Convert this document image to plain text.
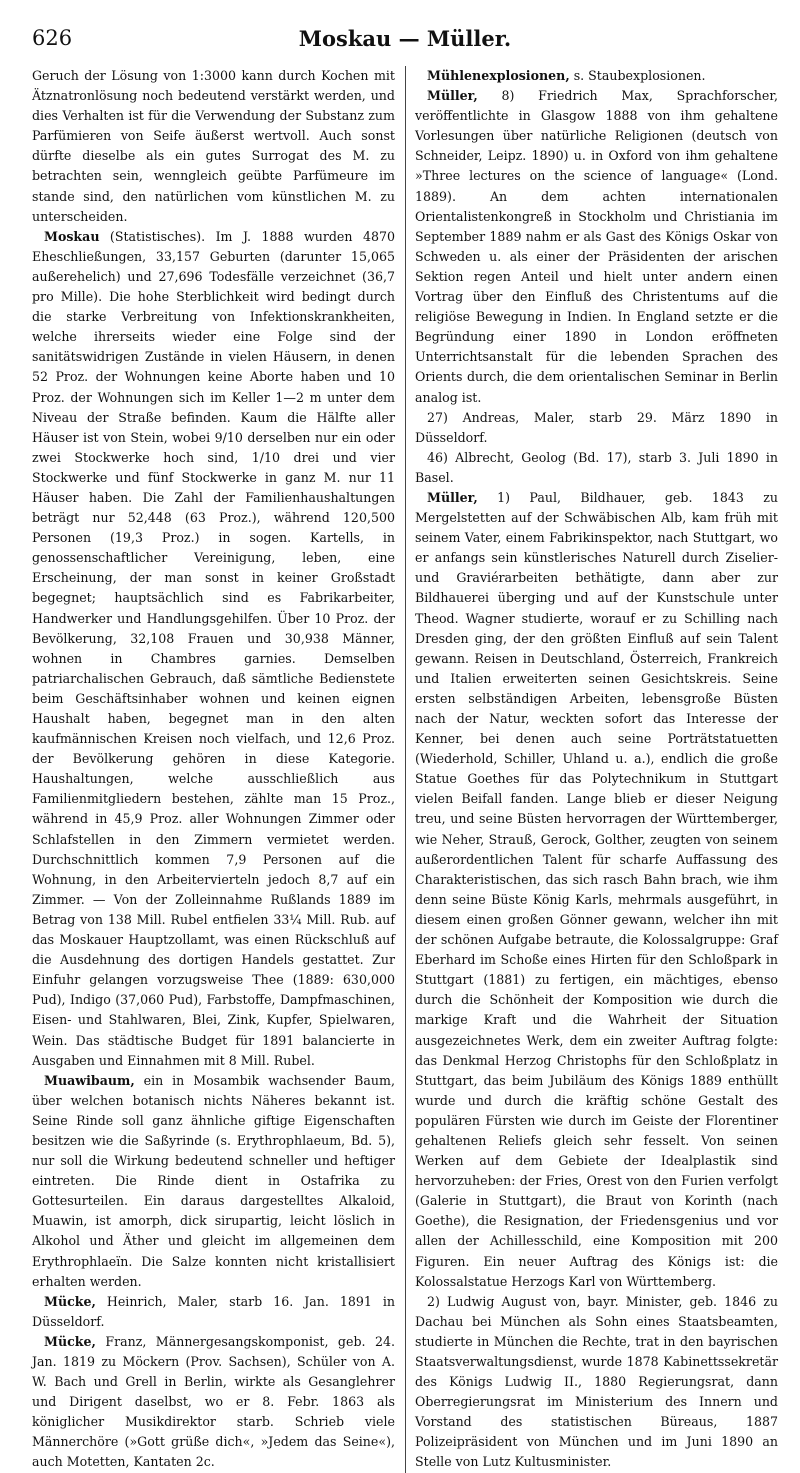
626	Moskau — Müller.

Geruch der Lösung von 1:3000 kann durch Kochen mit Ätznatronlösung noch bedeutend verstärkt werden, und dies Verhalten ist für die Verwendung der Substanz zum Parfümieren von Seife äußerst wertvoll. Auch sonst dürfte dieselbe als ein gutes Surrogat des M. zu betrachten sein, wenngleich geübte Parfümeure im stande sind, den natürlichen vom künstlichen M. zu unterscheiden.

Moskau (Statistisches). Im J. 1888 wurden 4870 Eheschließungen, 33,157 Geburten (darunter 15,065 außerehelich) und 27,696 Todesfälle verzeichnet (36,7 pro Mille). Die hohe Sterblichkeit wird bedingt durch die starke Verbreitung von Infektionskrankheiten, welche ihrerseits wieder eine Folge sind der sanitätswidrigen Zustände in vielen Häusern, in denen 52 Proz. der Wohnungen keine Aborte haben und 10 Proz. der Wohnungen sich im Keller 1—2 m unter dem Niveau der Straße befinden. Kaum die Hälfte aller Häuser ist von Stein, wobei 9/10 derselben nur ein oder zwei Stockwerke hoch sind, 1/10 drei und vier Stockwerke und fünf Stockwerke in ganz M. nur 11 Häuser haben. Die Zahl der Familienhaushaltungen beträgt nur 52,448 (63 Proz.), während 120,500 Personen (19,3 Proz.) in sogen. Kartells, in genossenschaftlicher Vereinigung, leben, eine Erscheinung, der man sonst in keiner Großstadt begegnet; hauptsächlich sind es Fabrikarbeiter, Handwerker und Handlungsgehilfen. Über 10 Proz. der Bevölkerung, 32,108 Frauen und 30,938 Männer, wohnen in Chambres garnies. Demselben patriarchalischen Gebrauch, daß sämtliche Bedienstete beim Geschäftsinhaber wohnen und keinen eignen Haushalt haben, begegnet man in den alten kaufmännischen Kreisen noch vielfach, und 12,6 Proz. der Bevölkerung gehören in diese Kategorie. Haushaltungen, welche ausschließlich aus Familienmitgliedern bestehen, zählte man 15 Proz., während in 45,9 Proz. aller Wohnungen Zimmer oder Schlafstellen in den Zimmern vermietet werden. Durchschnittlich kommen 7,9 Personen auf die Wohnung, in den Arbeitervierteln jedoch 8,7 auf ein Zimmer. — Von der Zolleinnahme Rußlands 1889 im Betrag von 138 Mill. Rubel entfielen 33¼ Mill. Rub. auf das Moskauer Hauptzollamt, was einen Rückschluß auf die Ausdehnung des dortigen Handels gestattet. Zur Einfuhr gelangen vorzugsweise Thee (1889: 630,000 Pud), Indigo (37,060 Pud), Farbstoffe, Dampfmaschinen, Eisen- und Stahlwaren, Blei, Zink, Kupfer, Spielwaren, Wein. Das städtische Budget für 1891 balancierte in Ausgaben und Einnahmen mit 8 Mill. Rubel.

Muawibaum, ein in Mosambik wachsender Baum, über welchen botanisch nichts Näheres bekannt ist. Seine Rinde soll ganz ähnliche giftige Eigenschaften besitzen wie die Saßyrinde (s. Erythrophlaeum, Bd. 5), nur soll die Wirkung bedeutend schneller und heftiger eintreten. Die Rinde dient in Ostafrika zu Gottesurteilen. Ein daraus dargestelltes Alkaloid, Muawin, ist amorph, dick sirupartig, leicht löslich in Alkohol und Äther und gleicht im allgemeinen dem Erythrophlaeïn. Die Salze konnten nicht kristallisiert erhalten werden.

Mücke, Heinrich, Maler, starb 16. Jan. 1891 in Düsseldorf.

Mücke, Franz, Männergesangskomponist, geb. 24. Jan. 1819 zu Möckern (Prov. Sachsen), Schüler von A. W. Bach und Grell in Berlin, wirkte als Gesanglehrer und Dirigent daselbst, wo er 8. Febr. 1863 als königlicher Musikdirektor starb. Schrieb viele Männerchöre (»Gott grüße dich«, »Jedem das Seine«), auch Motetten, Kantaten 2c.

Mühlenexplosionen, s. Staubexplosionen.

Müller, 8) Friedrich Max, Sprachforscher, veröffentlichte in Glasgow 1888 von ihm gehaltene Vorlesungen über natürliche Religionen (deutsch von Schneider, Leipz. 1890) u. in Oxford von ihm gehaltene »Three lectures on the science of language« (Lond. 1889). An dem achten internationalen Orientalistenkongreß in Stockholm und Christiania im September 1889 nahm er als Gast des Königs Oskar von Schweden u. als einer der Präsidenten der arischen Sektion regen Anteil und hielt unter andern einen Vortrag über den Einfluß des Christentums auf die religiöse Bewegung in Indien. In England setzte er die Begründung einer 1890 in London eröffneten Unterrichtsanstalt für die lebenden Sprachen des Orients durch, die dem orientalischen Seminar in Berlin analog ist.

27) Andreas, Maler, starb 29. März 1890 in Düsseldorf.

46) Albrecht, Geolog (Bd. 17), starb 3. Juli 1890 in Basel.

Müller, 1) Paul, Bildhauer, geb. 1843 zu Mergelstetten auf der Schwäbischen Alb, kam früh mit seinem Vater, einem Fabrikinspektor, nach Stuttgart, wo er anfangs sein künstlerisches Naturell durch Ziselier- und Graviérarbeiten bethätigte, dann aber zur Bildhauerei überging und auf der Kunstschule unter Theod. Wagner studierte, worauf er zu Schilling nach Dresden ging, der den größten Einfluß auf sein Talent gewann. Reisen in Deutschland, Österreich, Frankreich und Italien erweiterten seinen Gesichtskreis. Seine ersten selbständigen Arbeiten, lebensgroße Büsten nach der Natur, weckten sofort das Interesse der Kenner, bei denen auch seine Porträtstatuetten (Wiederhold, Schiller, Uhland u. a.), endlich die große Statue Goethes für das Polytechnikum in Stuttgart vielen Beifall fanden. Lange blieb er dieser Neigung treu, und seine Büsten hervorragen der Württemberger, wie Neher, Strauß, Gerock, Golther, zeugten von seinem außerordentlichen Talent für scharfe Auffassung des Charakteristischen, das sich rasch Bahn brach, wie ihm denn seine Büste König Karls, mehrmals ausgeführt, in diesem einen großen Gönner gewann, welcher ihn mit der schönen Aufgabe betraute, die Kolossalgruppe: Graf Eberhard im Schoße eines Hirten für den Schloßpark in Stuttgart (1881) zu fertigen, ein mächtiges, ebenso durch die Schönheit der Komposition wie durch die markige Kraft und die Wahrheit der Situation ausgezeichnetes Werk, dem ein zweiter Auftrag folgte: das Denkmal Herzog Christophs für den Schloßplatz in Stuttgart, das beim Jubiläum des Königs 1889 enthüllt wurde und durch die kräftig schöne Gestalt des populären Fürsten wie durch im Geiste der Florentiner gehaltenen Reliefs gleich sehr fesselt. Von seinen Werken auf dem Gebiete der Idealplastik sind hervorzuheben: der Fries, Orest von den Furien verfolgt (Galerie in Stuttgart), die Braut von Korinth (nach Goethe), die Resignation, der Friedensgenius und vor allen der Achillesschild, eine Komposition mit 200 Figuren. Ein neuer Auftrag des Königs ist: die Kolossalstatue Herzogs Karl von Württemberg.

2) Ludwig August von, bayr. Minister, geb. 1846 zu Dachau bei München als Sohn eines Staatsbeamten, studierte in München die Rechte, trat in den bayrischen Staatsverwaltungsdienst, wurde 1878 Kabinettssekretär des Königs Ludwig II., 1880 Regierungsrat, dann Oberregierungsrat im Ministerium des Innern und Vorstand des statistischen Büreaus, 1887 Polizeipräsident von München und im Juni 1890 an Stelle von Lutz Kultusminister.
